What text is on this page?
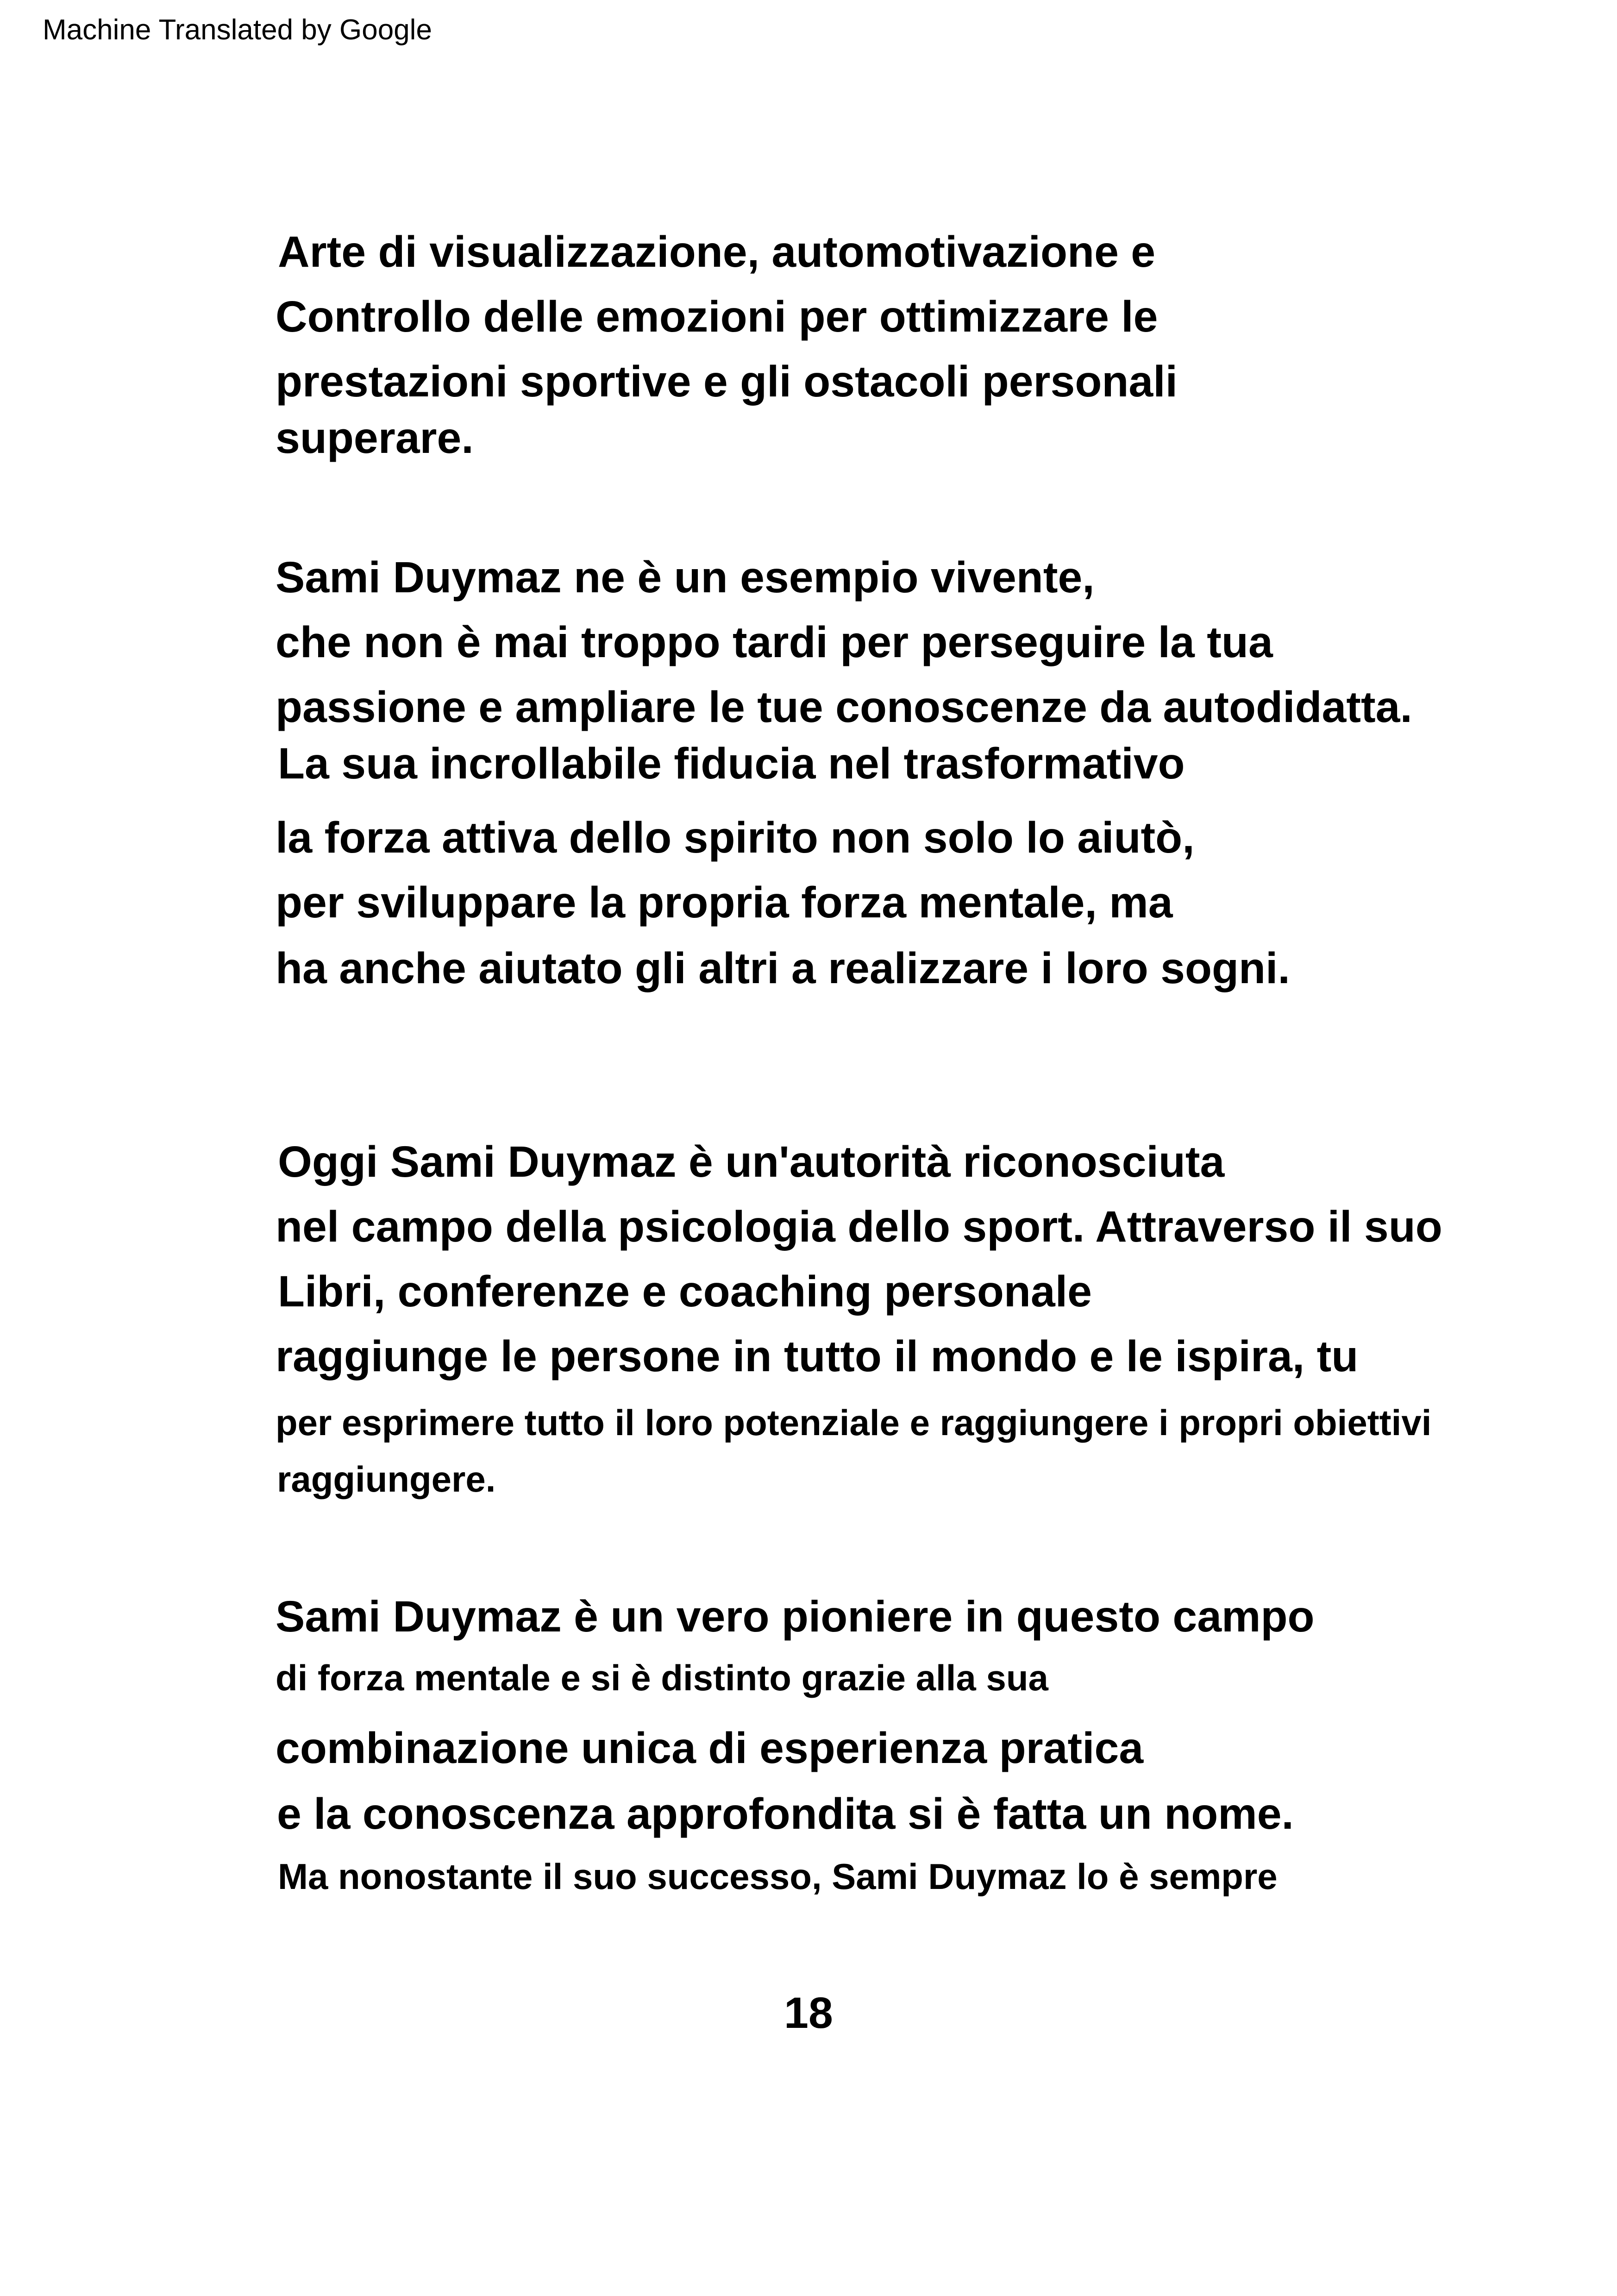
Machine Translated by Google
Arte di visualizzazione, automotivazione e
Controllo delle emozioni per ottimizzare le
prestazioni sportive e gli ostacoli personali
superare.
Sami Duymaz ne è un esempio vivente,
che non è mai troppo tardi per perseguire la tua
passione e ampliare le tue conoscenze da autodidatta.
La sua incrollabile fiducia nel trasformativo
la forza attiva dello spirito non solo lo aiutò,
per sviluppare la propria forza mentale, ma
ha anche aiutato gli altri a realizzare i loro sogni.
Oggi Sami Duymaz è un'autorità riconosciuta
nel campo della psicologia dello sport. Attraverso il suo
Libri, conferenze e coaching personale
raggiunge le persone in tutto il mondo e le ispira, tu
per esprimere tutto il loro potenziale e raggiungere i propri obiettivi
raggiungere.
Sami Duymaz è un vero pioniere in questo campo
di forza mentale e si è distinto grazie alla sua
combinazione unica di esperienza pratica
e la conoscenza approfondita si è fatta un nome.
Ma nonostante il suo successo, Sami Duymaz lo è sempre
18
